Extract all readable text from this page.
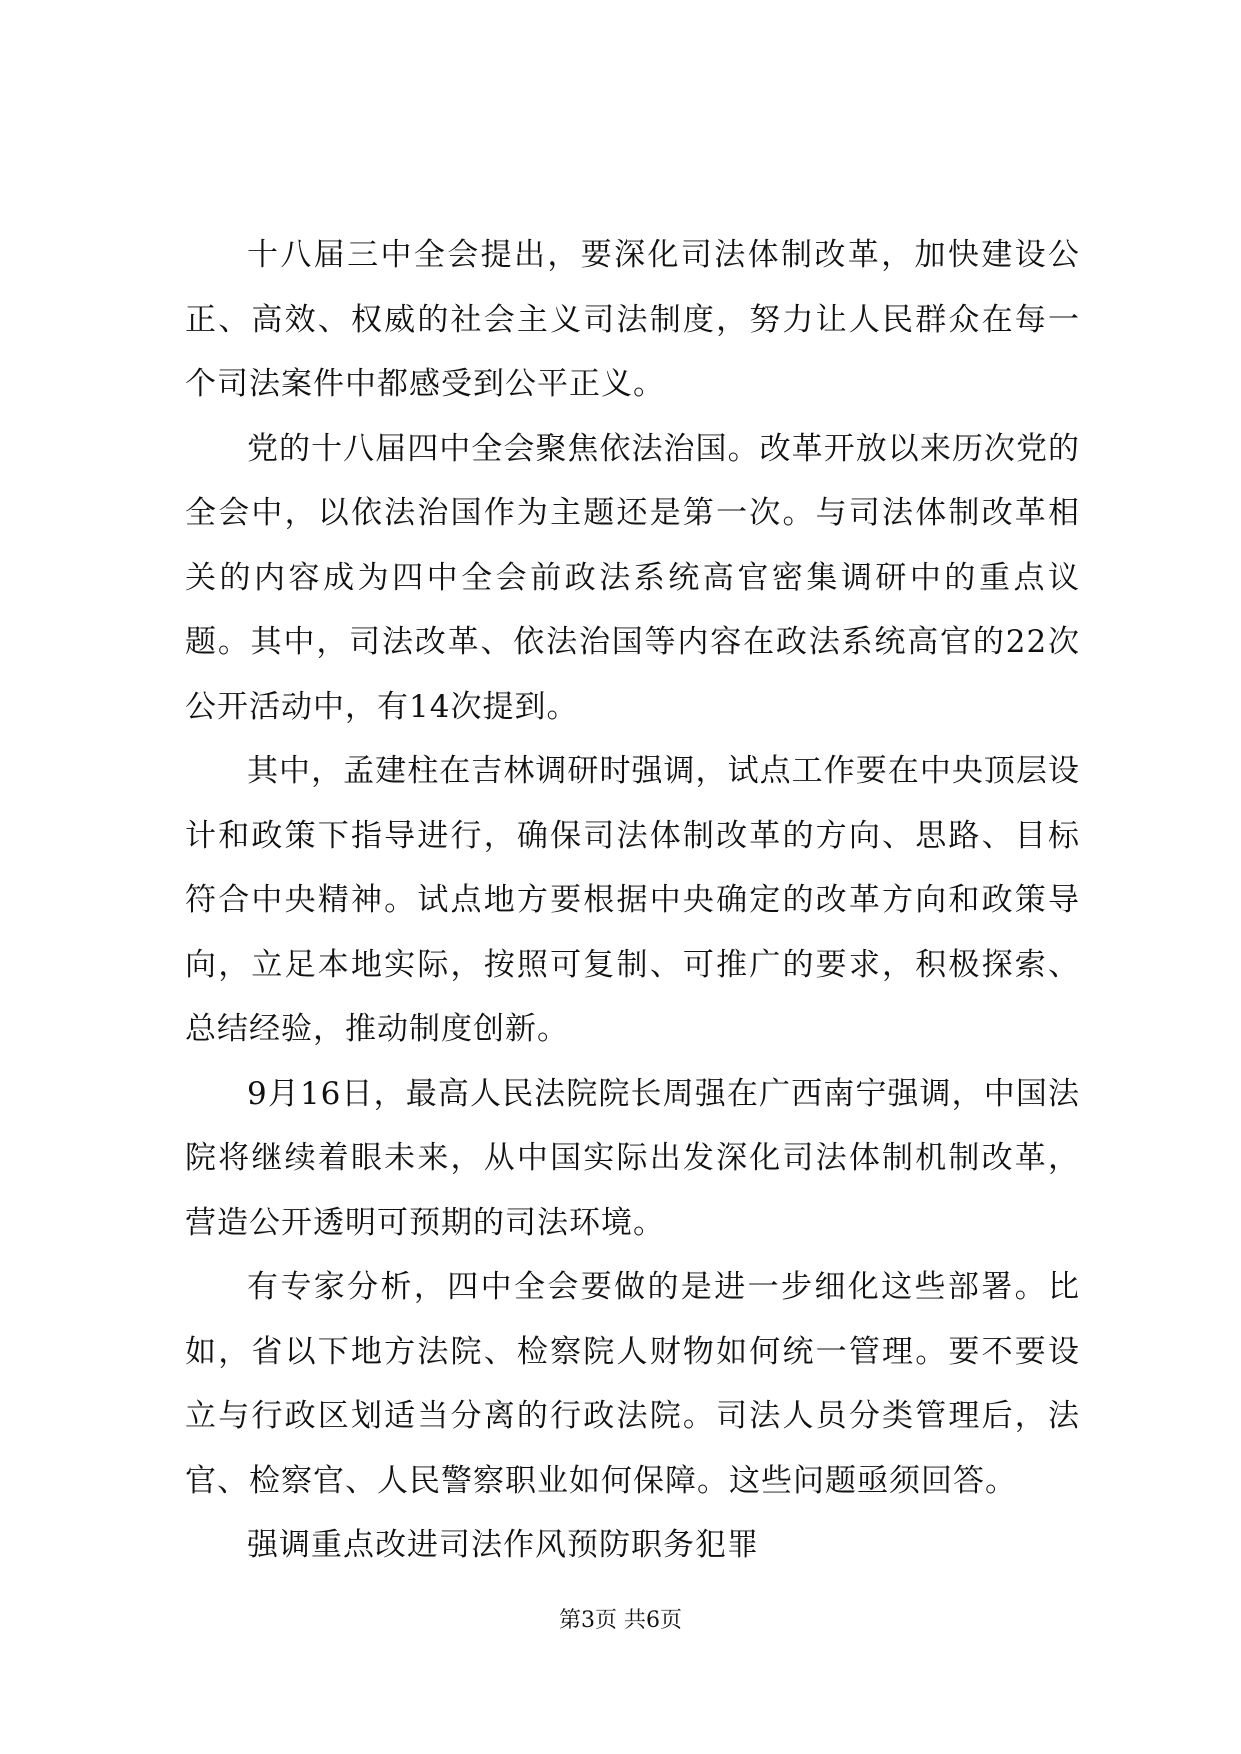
十八届三中全会提出，要深化司法体制改革，加快建设公正、高效、权威的社会主义司法制度，努力让人民群众在每一个司法案件中都感受到公平正义。

党的十八届四中全会聚焦依法治国。改革开放以来历次党的全会中，以依法治国作为主题还是第一次。与司法体制改革相关的内容成为四中全会前政法系统高官密集调研中的重点议题。其中，司法改革、依法治国等内容在政法系统高官的22次公开活动中，有14次提到。

其中，孟建柱在吉林调研时强调，试点工作要在中央顶层设计和政策下指导进行，确保司法体制改革的方向、思路、目标符合中央精神。试点地方要根据中央确定的改革方向和政策导向，立足本地实际，按照可复制、可推广的要求，积极探索、总结经验，推动制度创新。

9月16日，最高人民法院院长周强在广西南宁强调，中国法院将继续着眼未来，从中国实际出发深化司法体制机制改革，营造公开透明可预期的司法环境。

有专家分析，四中全会要做的是进一步细化这些部署。比如，省以下地方法院、检察院人财物如何统一管理。要不要设立与行政区划适当分离的行政法院。司法人员分类管理后，法官、检察官、人民警察职业如何保障。这些问题亟须回答。

强调重点改进司法作风预防职务犯罪

第3页 共6页
